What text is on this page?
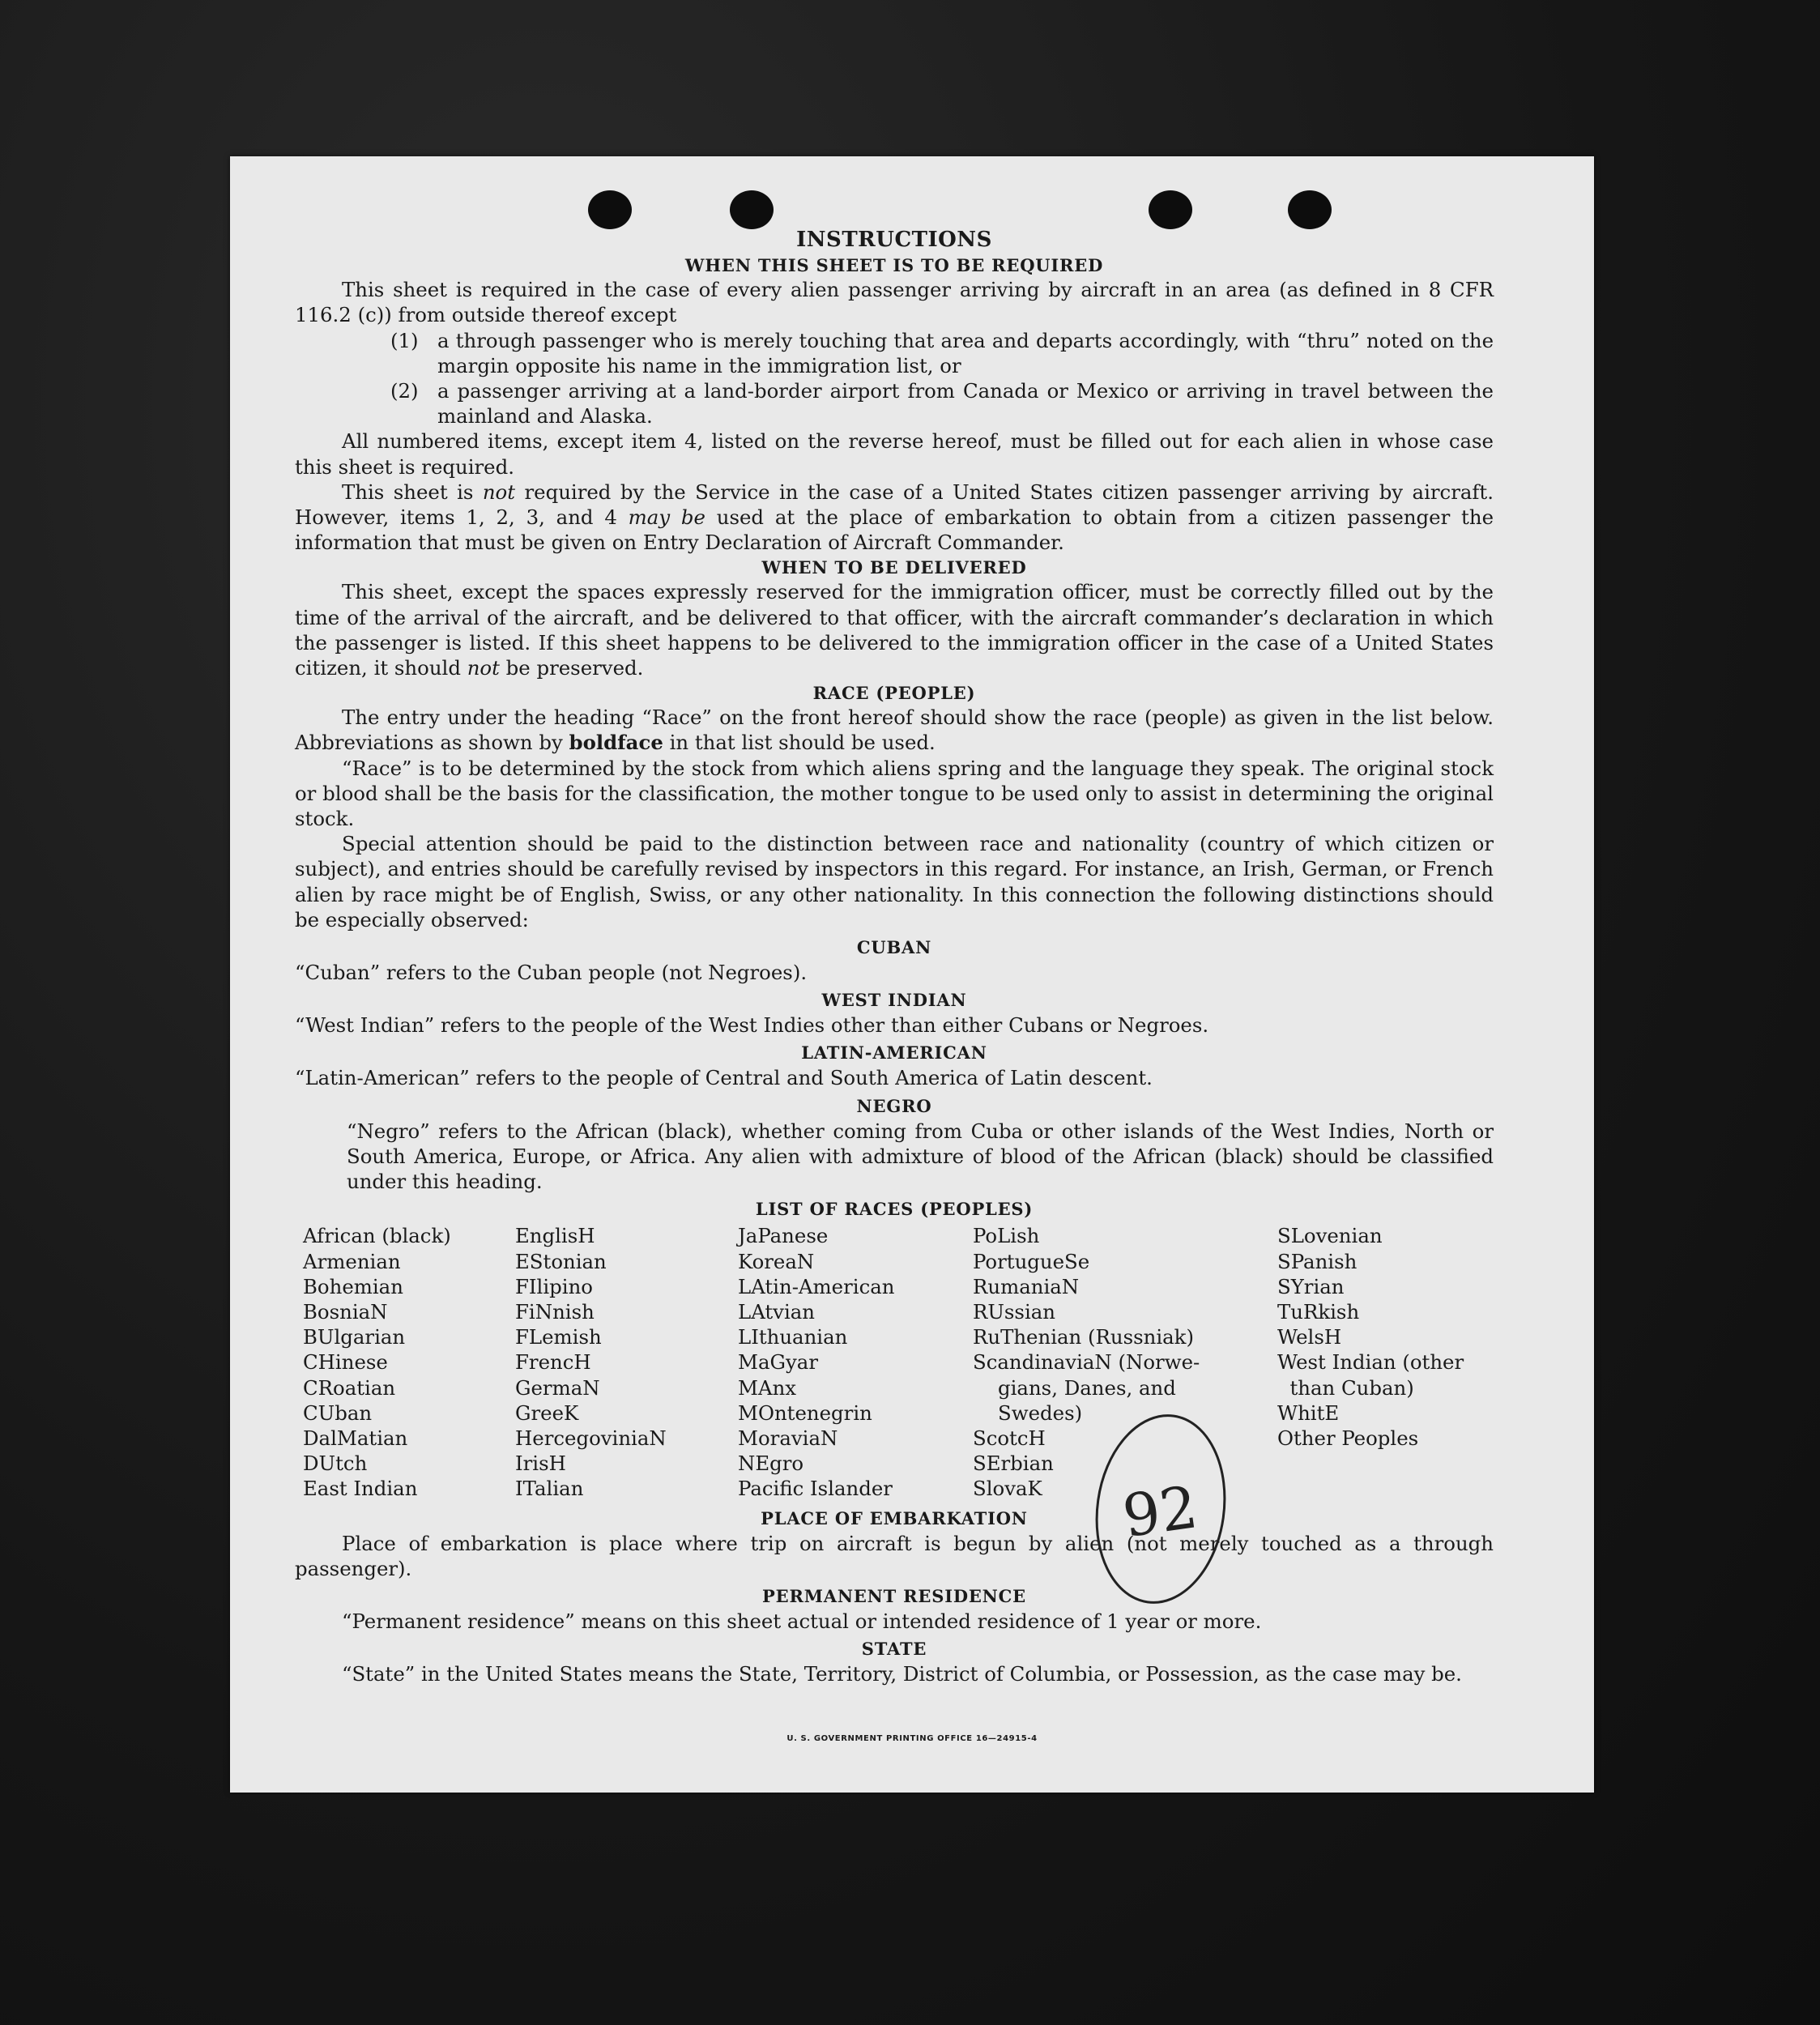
INSTRUCTIONS
WHEN THIS SHEET IS TO BE REQUIRED

This sheet is required in the case of every alien passenger arriving by aircraft in an area (as defined in 8 CFR 116.2 (c)) from outside thereof except

(1) a through passenger who is merely touching that area and departs accordingly, with “thru” noted on the margin opposite his name in the immigration list, or
(2) a passenger arriving at a land-border airport from Canada or Mexico or arriving in travel between the mainland and Alaska.

All numbered items, except item 4, listed on the reverse hereof, must be filled out for each alien in whose case this sheet is required.

This sheet is not required by the Service in the case of a United States citizen passenger arriving by aircraft. However, items 1, 2, 3, and 4 may be used at the place of embarkation to obtain from a citizen passenger the information that must be given on Entry Declaration of Aircraft Commander.

WHEN TO BE DELIVERED

This sheet, except the spaces expressly reserved for the immigration officer, must be correctly filled out by the time of the arrival of the aircraft, and be delivered to that officer, with the aircraft commander’s declaration in which the passenger is listed. If this sheet happens to be delivered to the immigration officer in the case of a United States citizen, it should not be preserved.

RACE (PEOPLE)

The entry under the heading “Race” on the front hereof should show the race (people) as given in the list below. Abbreviations as shown by boldface in that list should be used.

“Race” is to be determined by the stock from which aliens spring and the language they speak. The original stock or blood shall be the basis for the classification, the mother tongue to be used only to assist in determining the original stock.

Special attention should be paid to the distinction between race and nationality (country of which citizen or subject), and entries should be carefully revised by inspectors in this regard. For instance, an Irish, German, or French alien by race might be of English, Swiss, or any other nationality. In this connection the following distinctions should be especially observed:

CUBAN

“Cuban” refers to the Cuban people (not Negroes).

WEST INDIAN

“West Indian” refers to the people of the West Indies other than either Cubans or Negroes.

LATIN-AMERICAN

“Latin-American” refers to the people of Central and South America of Latin descent.

NEGRO

“Negro” refers to the African (black), whether coming from Cuba or other islands of the West Indies, North or South America, Europe, or Africa. Any alien with admixture of blood of the African (black) should be classified under this heading.

LIST OF RACES (PEOPLES)
African (black)
Armenian
Bohemian
BosniaN
BUlgarian
CHinese
CRoatian
CUban
DalMatian
DUtch
East Indian
EnglisH
EStonian
FIlipino
FiNnish
FLemish
FrencH
GermaN
GreeK
HercegoviniaN
IrisH
ITalian
JaPanese
KoreaN
LAtin-American
LAtvian
LIthuanian
MaGyar
MAnx
MOntenegrin
MoraviaN
NEgro
Pacific Islander
PoLish
PortugueSe
RumaniaN
RUssian
RuThenian (Russniak)
ScandinaviaN (Norwe-
gians, Danes, and
Swedes)
ScotcH
SErbian
SlovaK
SLovenian
SPanish
SYrian
TuRkish
WelsH
West Indian (other
than Cuban)
WhitE
Other Peoples
PLACE OF EMBARKATION

Place of embarkation is place where trip on aircraft is begun by alien (not merely touched as a through passenger).

PERMANENT RESIDENCE

“Permanent residence” means on this sheet actual or intended residence of 1 year or more.

STATE

“State” in the United States means the State, Territory, District of Columbia, or Possession, as the case may be.

U. S. GOVERNMENT PRINTING OFFICE 16—24915-4
92
